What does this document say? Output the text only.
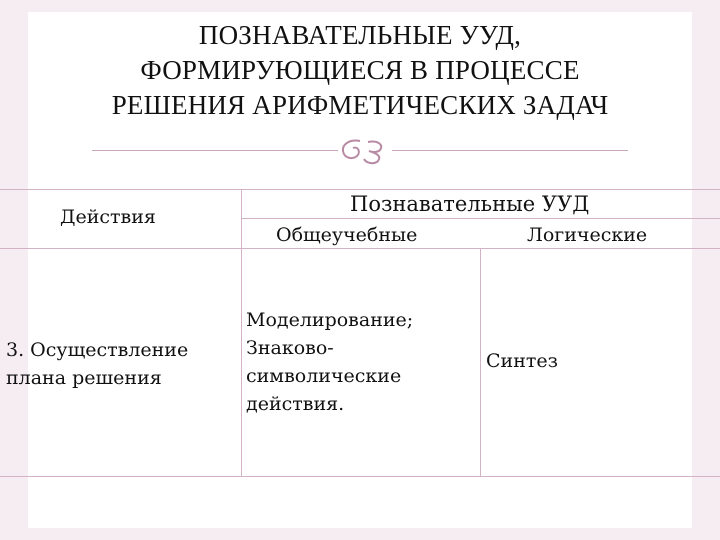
ПОЗНАВАТЕЛЬНЫЕ УУД,
ФОРМИРУЮЩИЕСЯ В ПРОЦЕССЕ
РЕШЕНИЯ АРИФМЕТИЧЕСКИХ ЗАДАЧ
Действия
Познавательные УУД
Общеучебные	Логические
3. Осуществление
плана решения
Моделирование;
Знаково-
символические
действия.
Синтез
